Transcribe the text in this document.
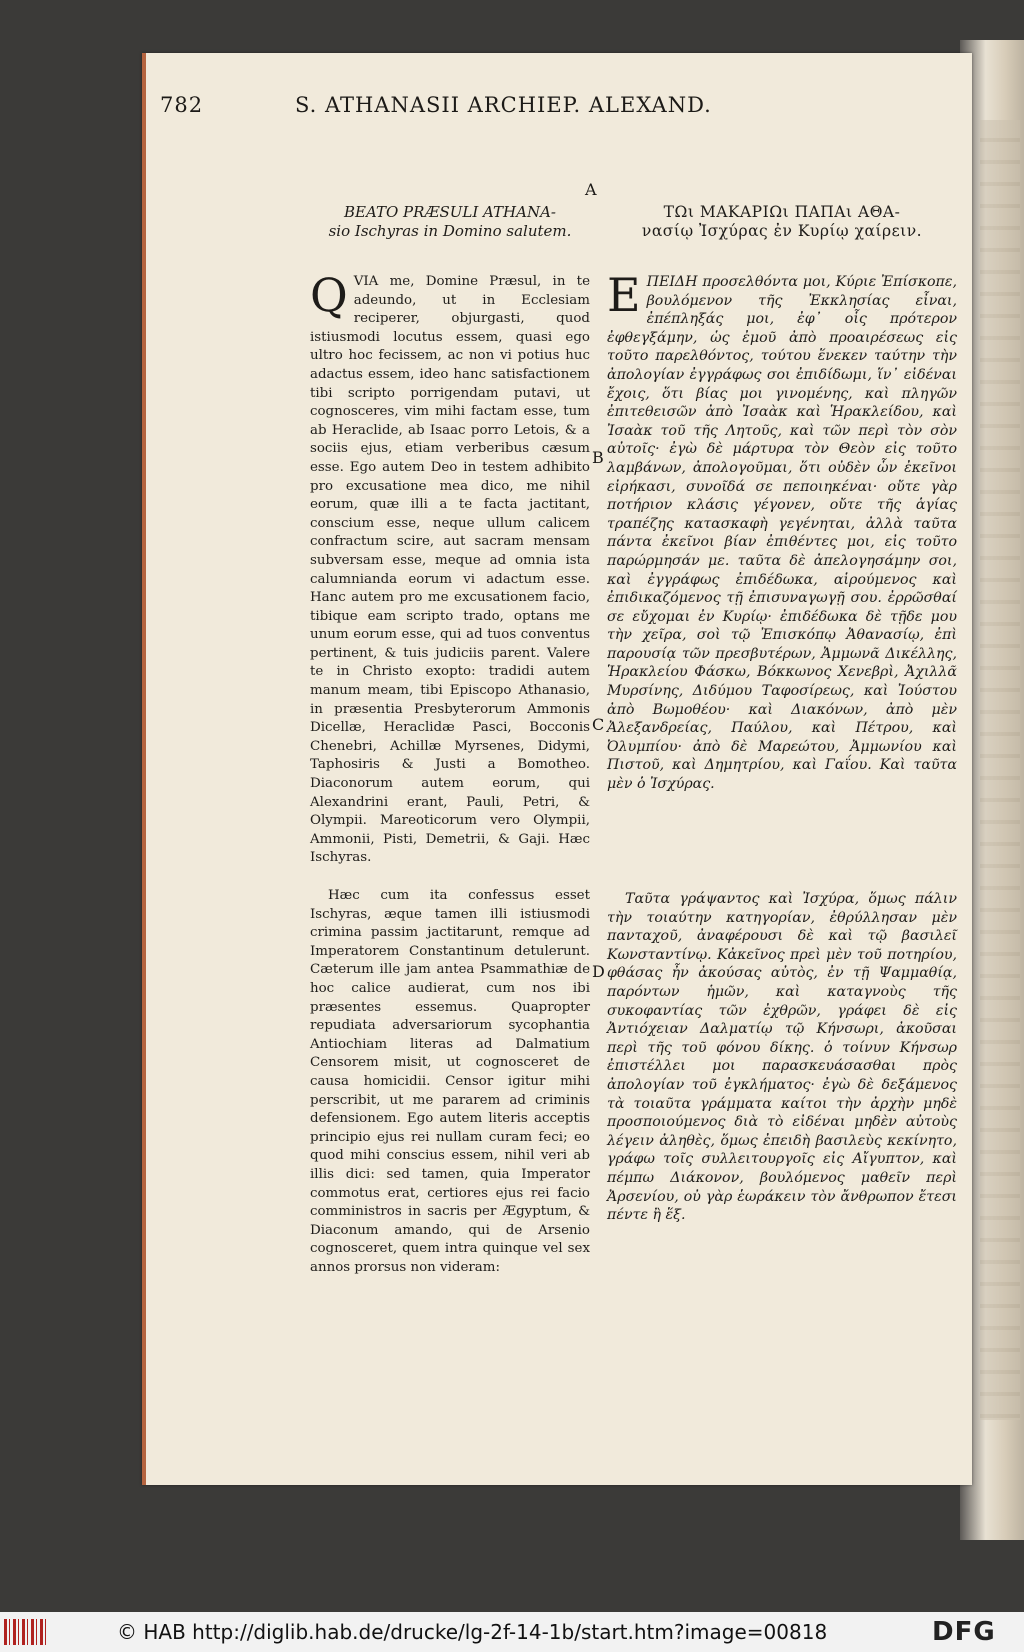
782	S. ATHANASII ARCHIEP. ALEXAND.
A
B
C
D
BEATO PRÆSULI ATHANA-
sio Ischyras in Domino salutem.
QVIA me, Domine Præsul, in te adeundo, ut in Ecclesiam reciperer, objurgasti, quod istiusmodi locutus essem, quasi ego ultro hoc fecissem, ac non vi potius huc adactus essem, ideo hanc satisfactionem tibi scripto porrigendam putavi, ut cognosceres, vim mihi factam esse, tum ab Heraclide, ab Isaac porro Letois, & a sociis ejus, etiam verberibus cæsum esse. Ego autem Deo in testem adhibito pro excusatione mea dico, me nihil eorum, quæ illi a te facta jactitant, conscium esse, neque ullum calicem confractum scire, aut sacram mensam subversam esse, meque ad omnia ista calumnianda eorum vi adactum esse. Hanc autem pro me excusationem facio, tibique eam scripto trado, optans me unum eorum esse, qui ad tuos conventus pertinent, & tuis judiciis parent. Valere te in Christo exopto: tradidi autem manum meam, tibi Episcopo Athanasio, in præsentia Presbyterorum Ammonis Dicellæ, Heraclidæ Pasci, Bocconis Chenebri, Achillæ Myrsenes, Didymi, Taphosiris & Justi a Bomotheo. Diaconorum autem eorum, qui Alexandrini erant, Pauli, Petri, & Olympii. Mareoticorum vero Olympii, Ammonii, Pisti, Demetrii, & Gaji. Hæc Ischyras.
Hæc cum ita confessus esset Ischyras, æque tamen illi istiusmodi crimina passim jactitarunt, remque ad Imperatorem Constantinum detulerunt. Cæterum ille jam antea Psammathiæ de hoc calice audierat, cum nos ibi præsentes essemus. Quapropter repudiata adversariorum sycophantia Antiochiam literas ad Dalmatium Censorem misit, ut cognosceret de causa homicidii. Censor igitur mihi perscribit, ut me pararem ad criminis defensionem. Ego autem literis acceptis principio ejus rei nullam curam feci; eo quod mihi conscius essem, nihil veri ab illis dici: sed tamen, quia Imperator commotus erat, certiores ejus rei facio comministros in sacris per Ægyptum, & Diaconum amando, qui de Arsenio cognosceret, quem intra quinque vel sex annos prorsus non videram:
ΤΩι ΜΑΚΑΡΙΩι ΠΑΠΑι ΑΘΑ-
νασίῳ Ἰσχύρας ἐν Κυρίῳ χαίρειν.
ΕΠΕΙΔΗ προσελθόντα μοι, Κύριε Ἐπίσκοπε, βουλόμενον τῆς Ἐκκλησίας εἶναι, ἐπέπληξάς μοι, ἐφ᾽ οἷς πρότερον ἐφθεγξάμην, ὡς ἐμοῦ ἀπὸ προαιρέσεως εἰς τοῦτο παρελθόντος, τούτου ἕνεκεν ταύτην τὴν ἀπολογίαν ἐγγράφως σοι ἐπιδίδωμι, ἵν᾽ εἰδέναι ἔχοις, ὅτι βίας μοι γινομένης, καὶ πληγῶν ἐπιτεθεισῶν ἀπὸ Ἰσαὰκ καὶ Ἡρακλείδου, καὶ Ἰσαὰκ τοῦ τῆς Λητοῦς, καὶ τῶν περὶ τὸν σὸν αὐτοῖς· ἐγὼ δὲ μάρτυρα τὸν Θεὸν εἰς τοῦτο λαμβάνων, ἀπολογοῦμαι, ὅτι οὐδὲν ὧν ἐκεῖνοι εἰρήκασι, συνοῖδά σε πεποιηκέναι· οὔτε γὰρ ποτήριον κλάσις γέγονεν, οὔτε τῆς ἁγίας τραπέζης κατασκαφὴ γεγένηται, ἀλλὰ ταῦτα πάντα ἐκεῖνοι βίαν ἐπιθέντες μοι, εἰς τοῦτο παρώρμησάν με. ταῦτα δὲ ἀπελογησάμην σοι, καὶ ἐγγράφως ἐπιδέδωκα, αἱρούμενος καὶ ἐπιδικαζόμενος τῇ ἐπισυναγωγῇ σου. ἐρρῶσθαί σε εὔχομαι ἐν Κυρίῳ· ἐπιδέδωκα δὲ τῇδε μου τὴν χεῖρα, σοὶ τῷ Ἐπισκόπῳ Ἀθανασίῳ, ἐπὶ παρουσίᾳ τῶν πρεσβυτέρων, Ἀμμωνᾶ Δικέλλης, Ἡρακλείου Φάσκω, Βόκκωνος Χενεβρὶ, Ἀχιλλᾶ Μυρσίνης, Διδύμου Ταφοσίρεως, καὶ Ἰούστου ἀπὸ Βωμοθέου· καὶ Διακόνων, ἀπὸ μὲν Ἀλεξανδρείας, Παύλου, καὶ Πέτρου, καὶ Ὀλυμπίου· ἀπὸ δὲ Μαρεώτου, Ἀμμωνίου καὶ Πιστοῦ, καὶ Δημητρίου, καὶ Γαΐου. Καὶ ταῦτα μὲν ὁ Ἰσχύρας.
Ταῦτα γράψαντος καὶ Ἰσχύρα, ὅμως πάλιν τὴν τοιαύτην κατηγορίαν, ἐθρύλλησαν μὲν πανταχοῦ, ἀναφέρουσι δὲ καὶ τῷ βασιλεῖ Κωνσταντίνῳ. Κἀκεῖνος πρεὶ μὲν τοῦ ποτηρίου, φθάσας ἦν ἀκούσας αὐτὸς, ἐν τῇ Ψαμμαθίᾳ, παρόντων ἡμῶν, καὶ καταγνοὺς τῆς συκοφαντίας τῶν ἐχθρῶν, γράφει δὲ εἰς Ἀντιόχειαν Δαλματίῳ τῷ Κήνσωρι, ἀκοῦσαι περὶ τῆς τοῦ φόνου δίκης. ὁ τοίνυν Κήνσωρ ἐπιστέλλει μοι παρασκευάσασθαι πρὸς ἀπολογίαν τοῦ ἐγκλήματος· ἐγὼ δὲ δεξάμενος τὰ τοιαῦτα γράμματα καίτοι τὴν ἀρχὴν μηδὲ προσποιούμενος διὰ τὸ εἰδέναι μηδὲν αὐτοὺς λέγειν ἀληθὲς, ὅμως ἐπειδὴ βασιλεὺς κεκίνητο, γράφω τοῖς συλλειτουργοῖς εἰς Αἴγυπτον, καὶ πέμπω Διάκονον, βουλόμενος μαθεῖν περὶ Ἀρσενίου, οὐ γὰρ ἑωράκειν τὸν ἄνθρωπον ἔτεσι πέντε ἢ ἕξ.
© HAB http://diglib.hab.de/drucke/lg-2f-14-1b/start.htm?image=00818	DFG
